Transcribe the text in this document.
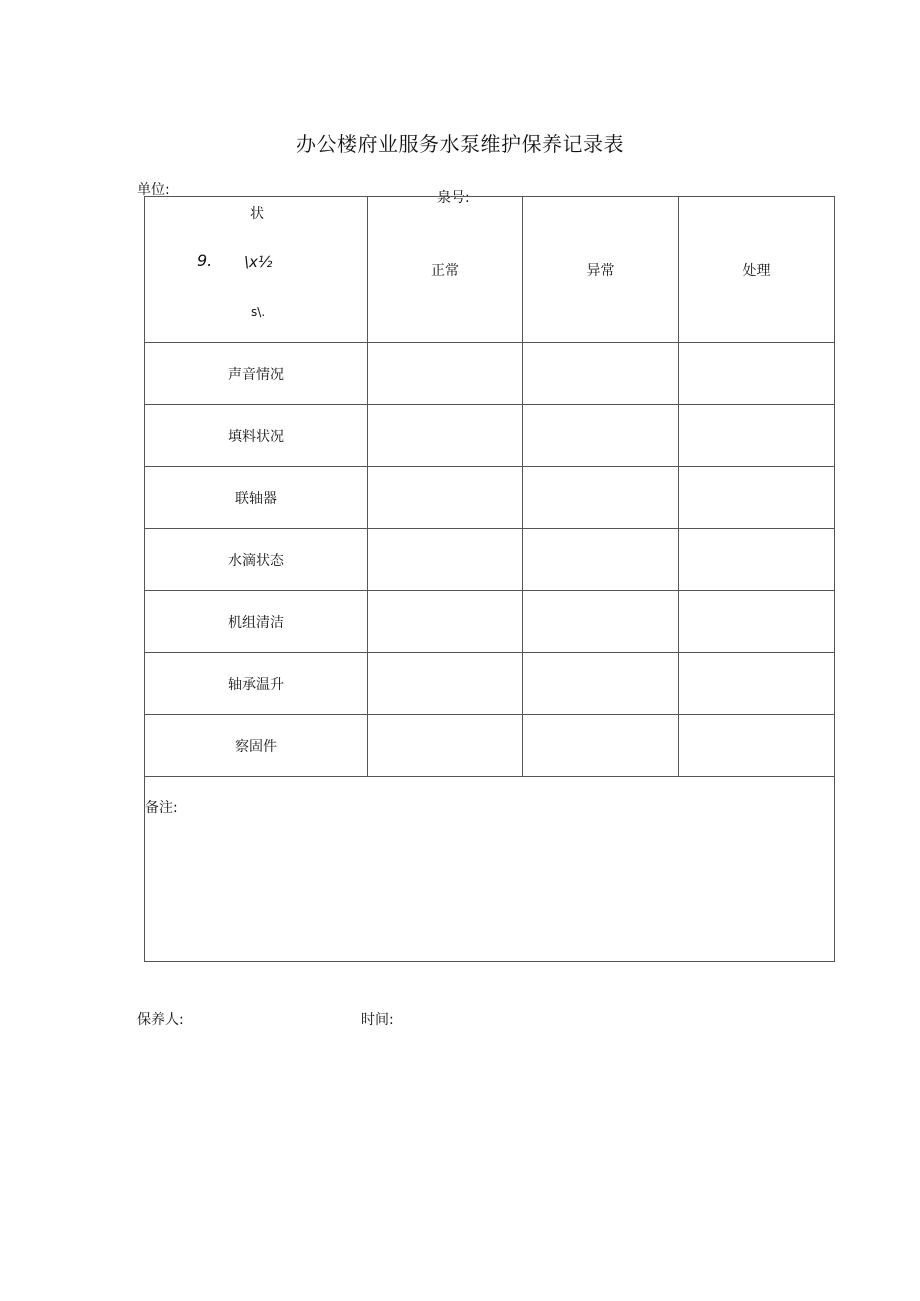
办公楼府业服务水泵维护保养记录表
单位:	泉号:
状
9. \x½
s\.	正常	异常	处理
声音情况			
填料状况			
联轴器			
水滴状态			
机组清洁			
轴承温升			
察固件			

备注:			
保养人:	时间:
